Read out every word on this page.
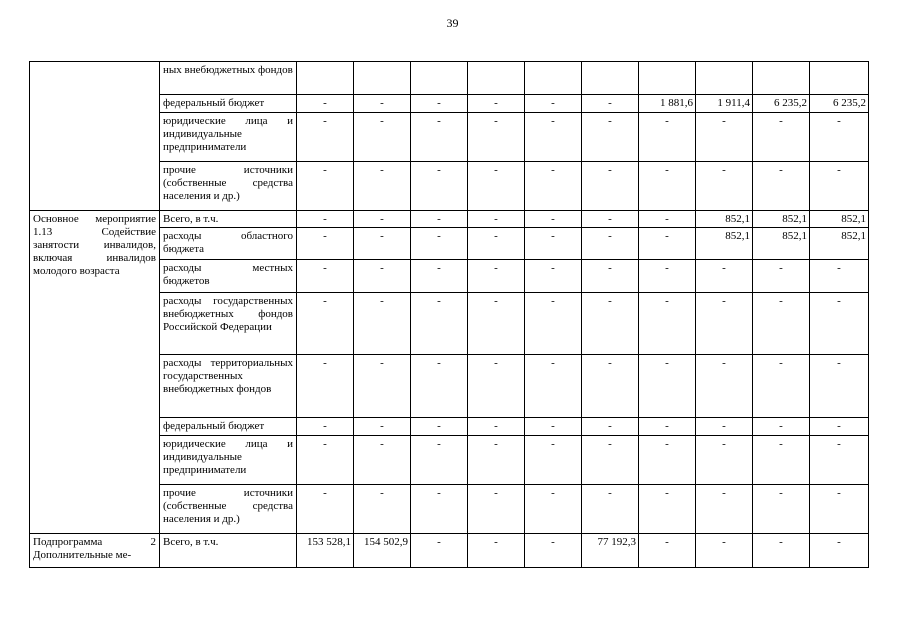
39
	ных внебюджетных фондов										
	федеральный бюджет	-	-	-	-	-	-	1 881,6	1 911,4	6 235,2	6 235,2
	юридические лица и индивидуальные предприниматели	-	-	-	-	-	-	-	-	-	-
	прочие источники (собственные средства населения и др.)	-	-	-	-	-	-	-	-	-	-
Основное мероприятие 1.13 Содействие занятости инвалидов, включая инвалидов молодого возраста	Всего, в т.ч.	-	-	-	-	-	-	-	852,1	852,1	852,1
	расходы областного бюджета	-	-	-	-	-	-	-	852,1	852,1	852,1
	расходы местных бюджетов	-	-	-	-	-	-	-	-	-	-
	расходы государственных внебюджетных фондов Российской Федерации	-	-	-	-	-	-	-	-	-	-
	расходы территориальных государственных внебюджетных фондов	-	-	-	-	-	-	-	-	-	-
	федеральный бюджет	-	-	-	-	-	-	-	-	-	-
	юридические лица и индивидуальные предприниматели	-	-	-	-	-	-	-	-	-	-
	прочие источники (собственные средства населения и др.)	-	-	-	-	-	-	-	-	-	-
Подпрограмма 2 Дополнительные ме-	Всего, в т.ч.	153 528,1	154 502,9	-	-	-	77 192,3	-	-	-	-
